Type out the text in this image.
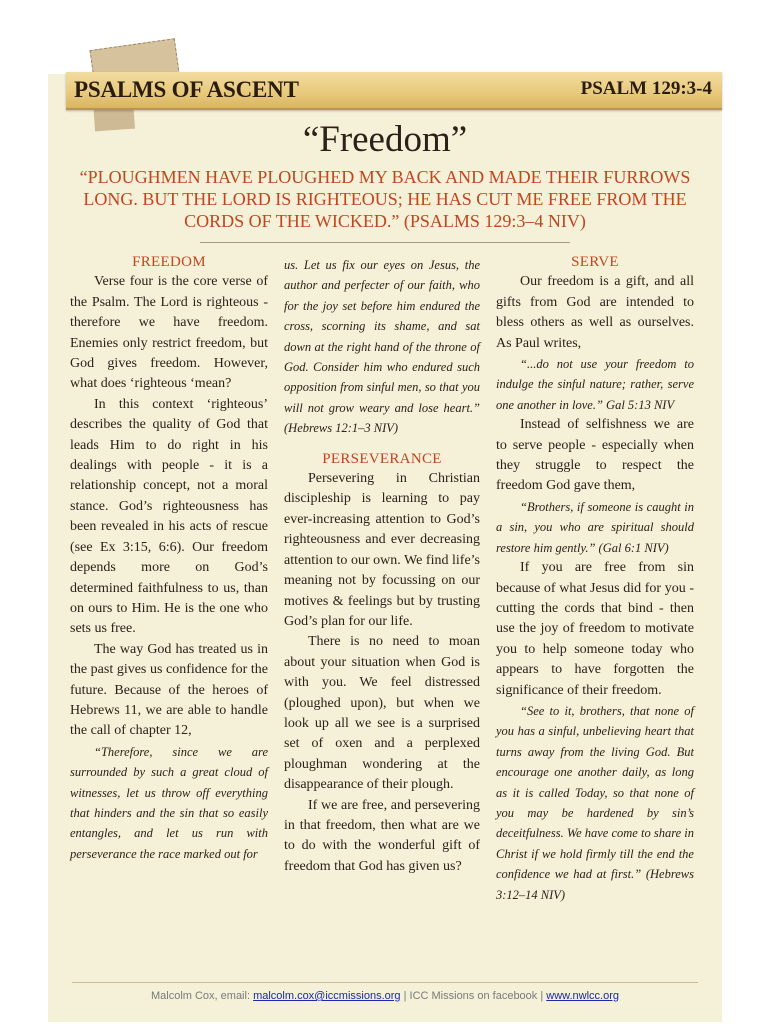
PSALMS OF ASCENT	PSALM 129:3-4
“Freedom”
“PLOUGHMEN HAVE PLOUGHED MY BACK AND MADE THEIR FURROWS LONG. BUT THE LORD IS RIGHTEOUS; HE HAS CUT ME FREE FROM THE CORDS OF THE WICKED.” (PSALMS 129:3–4 NIV)

FREEDOM

Verse four is the core verse of the Psalm. The Lord is righteous - therefore we have freedom. Enemies only restrict freedom, but God gives freedom. However, what does ‘righteous ‘mean?

In this context ‘righteous’ describes the quality of God that leads Him to do right in his dealings with people - it is a relationship concept, not a moral stance. God’s righteousness has been revealed in his acts of rescue (see Ex 3:15, 6:6). Our freedom depends more on God’s determined faithfulness to us, than on ours to Him. He is the one who sets us free.

The way God has treated us in the past gives us confidence for the future. Because of the heroes of Hebrews 11, we are able to handle the call of chapter 12,

“Therefore, since we are surrounded by such a great cloud of witnesses, let us throw off everything that hinders and the sin that so easily entangles, and let us run with perseverance the race marked out for

us. Let us fix our eyes on Jesus, the author and perfecter of our faith, who for the joy set before him endured the cross, scorning its shame, and sat down at the right hand of the throne of God. Consider him who endured such opposition from sinful men, so that you will not grow weary and lose heart.” (Hebrews 12:1–3 NIV)

PERSEVERANCE

Persevering in Christian discipleship is learning to pay ever-increasing attention to God’s righteousness and ever decreasing attention to our own. We find life’s meaning not by focussing on our motives & feelings but by trusting God’s plan for our life.

There is no need to moan about your situation when God is with you. We feel distressed (ploughed upon), but when we look up all we see is a surprised set of oxen and a perplexed ploughman wondering at the disappearance of their plough.

If we are free, and persevering in that freedom, then what are we to do with the wonderful gift of freedom that God has given us?

SERVE

Our freedom is a gift, and all gifts from God are intended to bless others as well as ourselves. As Paul writes,

“...do not use your freedom to indulge the sinful nature; rather, serve one another in love.” Gal 5:13 NIV

Instead of selfishness we are to serve people - especially when they struggle to respect the freedom God gave them,

“Brothers, if someone is caught in a sin, you who are spiritual should restore him gently.” (Gal 6:1 NIV)

If you are free from sin because of what Jesus did for you - cutting the cords that bind - then use the joy of freedom to motivate you to help someone today who appears to have forgotten the significance of their freedom.

“See to it, brothers, that none of you has a sinful, unbelieving heart that turns away from the living God. But encourage one another daily, as long as it is called Today, so that none of you may be hardened by sin’s deceitfulness. We have come to share in Christ if we hold firmly till the end the confidence we had at first.” (Hebrews 3:12–14 NIV)

Malcolm Cox, email: malcolm.cox@iccmissions.org | ICC Missions on facebook | www.nwlcc.org
